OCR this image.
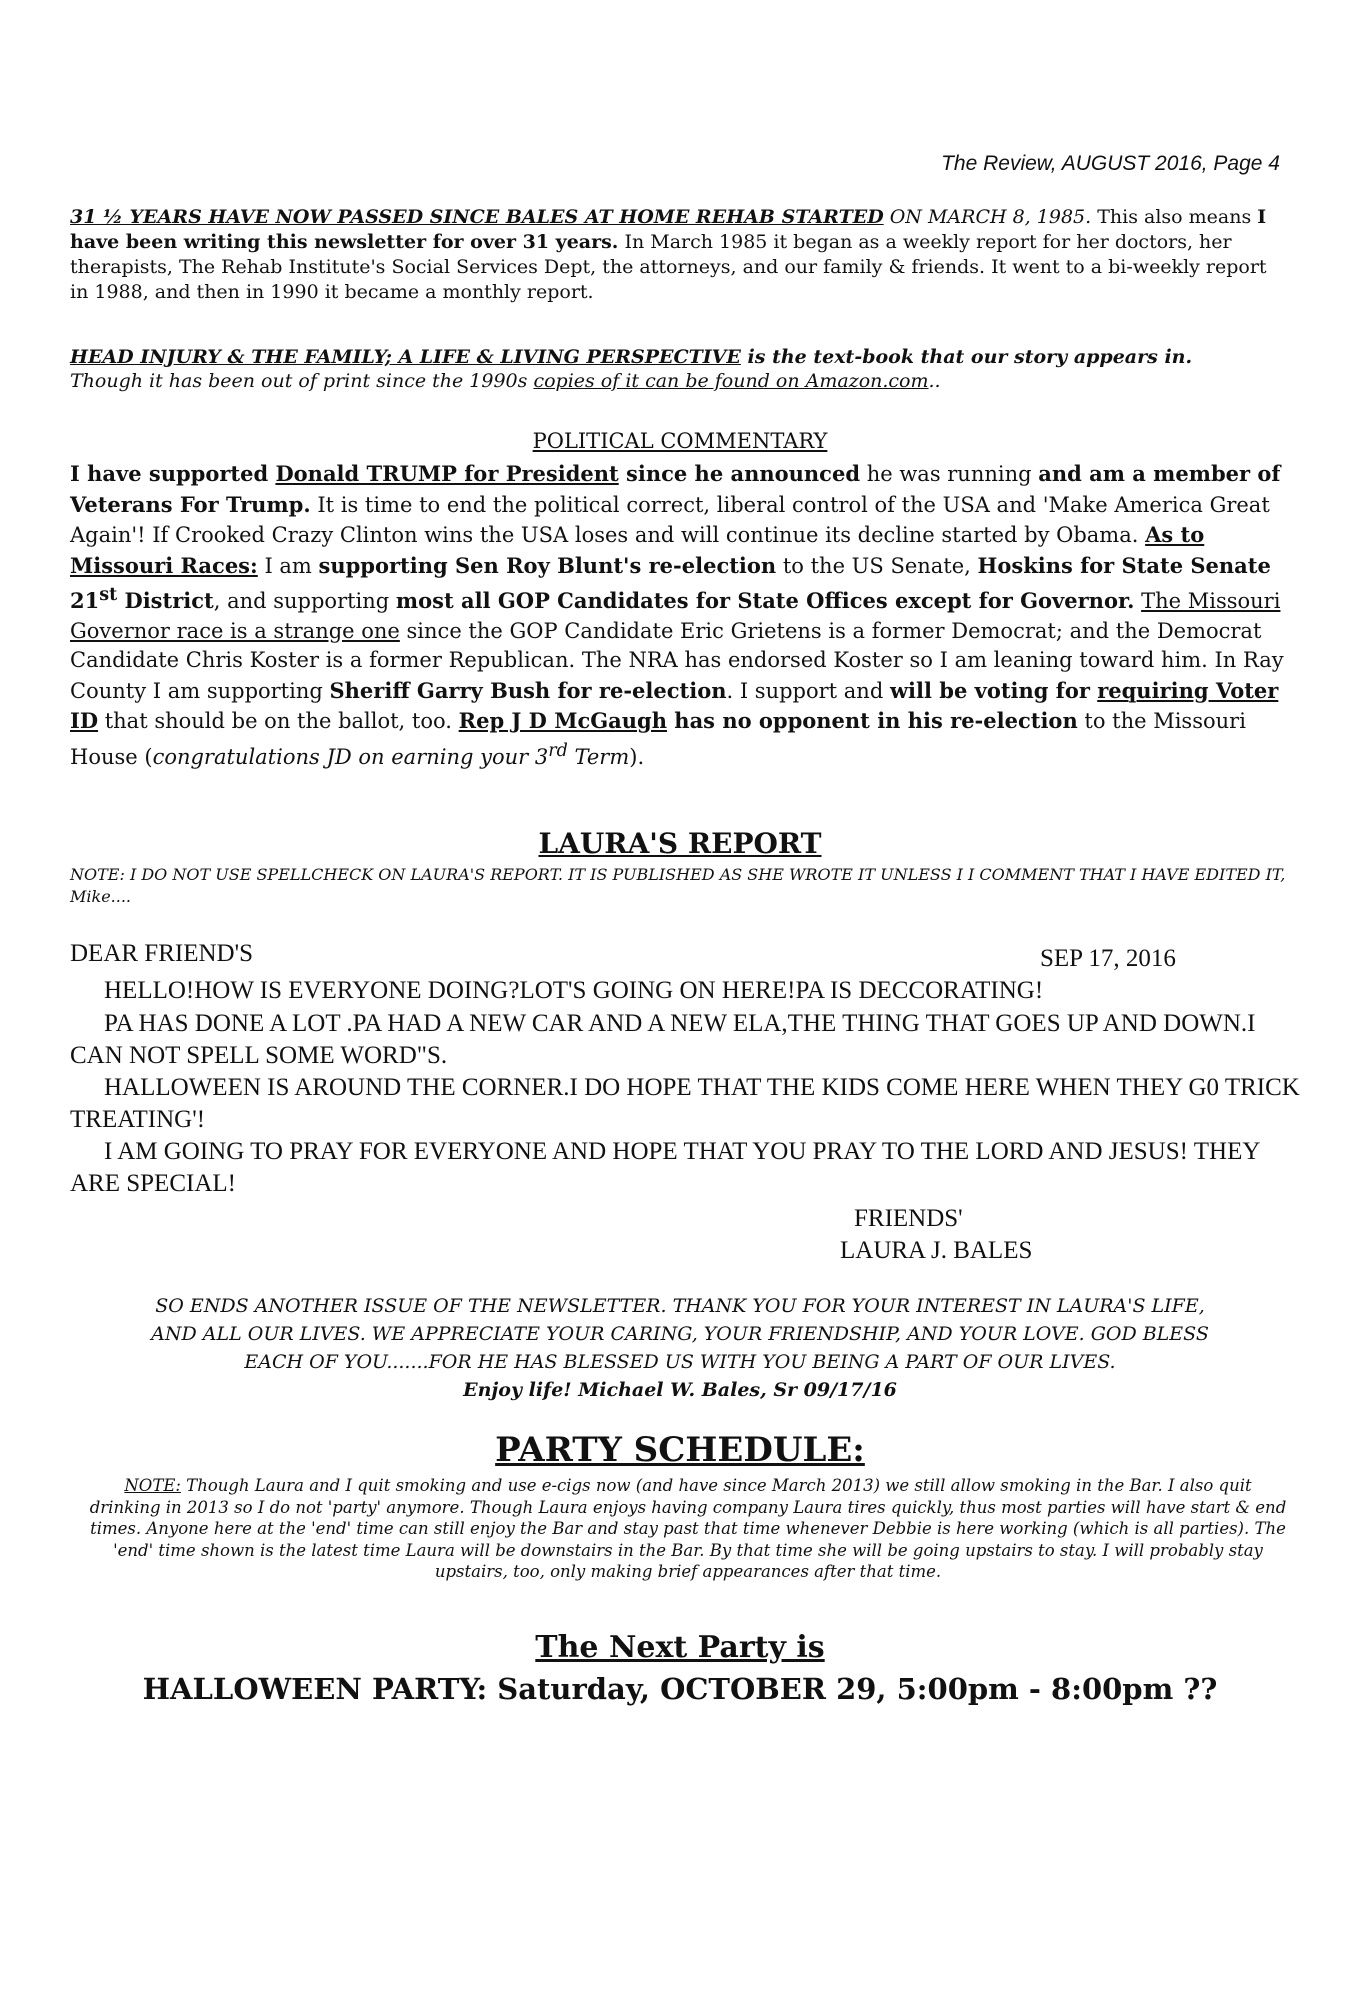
The Review, AUGUST 2016, Page 4

31 ½ YEARS HAVE NOW PASSED SINCE BALES AT HOME REHAB STARTED ON MARCH 8, 1985. This also means I have been writing this newsletter for over 31 years. In March 1985 it began as a weekly report for her doctors, her therapists, The Rehab Institute's Social Services Dept, the attorneys, and our family & friends. It went to a bi-weekly report in 1988, and then in 1990 it became a monthly report.

HEAD INJURY & THE FAMILY; A LIFE & LIVING PERSPECTIVE is the text-book that our story appears in.
Though it has been out of print since the 1990s copies of it can be found on Amazon.com..

POLITICAL COMMENTARY

I have supported Donald TRUMP for President since he announced he was running and am a member of Veterans For Trump. It is time to end the political correct, liberal control of the USA and 'Make America Great Again'! If Crooked Crazy Clinton wins the USA loses and will continue its decline started by Obama. As to Missouri Races: I am supporting Sen Roy Blunt's re-election to the US Senate, Hoskins for State Senate 21st District, and supporting most all GOP Candidates for State Offices except for Governor. The Missouri Governor race is a strange one since the GOP Candidate Eric Grietens is a former Democrat; and the Democrat Candidate Chris Koster is a former Republican. The NRA has endorsed Koster so I am leaning toward him. In Ray County I am supporting Sheriff Garry Bush for re-election. I support and will be voting for requiring Voter ID that should be on the ballot, too. Rep J D McGaugh has no opponent in his re-election to the Missouri House (congratulations JD on earning your 3rd Term).

LAURA'S REPORT
NOTE: I DO NOT USE SPELLCHECK ON LAURA'S REPORT. IT IS PUBLISHED AS SHE WROTE IT UNLESS I I COMMENT THAT I HAVE EDITED IT, Mike....
DEAR FRIEND'S	SEP 17, 2016

HELLO!HOW IS EVERYONE DOING?LOT'S GOING ON HERE!PA IS DECCORATING!

PA HAS DONE A LOT .PA HAD A NEW CAR AND A NEW ELA,THE THING THAT GOES UP AND DOWN.I CAN NOT SPELL SOME WORD"S.

HALLOWEEN IS AROUND THE CORNER.I DO HOPE THAT THE KIDS COME HERE WHEN THEY G0 TRICK TREATING'!

I AM GOING TO PRAY FOR EVERYONE AND HOPE THAT YOU PRAY TO THE LORD AND JESUS! THEY ARE SPECIAL!

FRIENDS'
LAURA J. BALES
SO ENDS ANOTHER ISSUE OF THE NEWSLETTER. THANK YOU FOR YOUR INTEREST IN LAURA'S LIFE,
AND ALL OUR LIVES. WE APPRECIATE YOUR CARING, YOUR FRIENDSHIP, AND YOUR LOVE. GOD BLESS
EACH OF YOU.......FOR HE HAS BLESSED US WITH YOU BEING A PART OF OUR LIVES.
Enjoy life! Michael W. Bales, Sr 09/17/16
PARTY SCHEDULE:

NOTE: Though Laura and I quit smoking and use e-cigs now (and have since March 2013) we still allow smoking in the Bar. I also quit drinking in 2013 so I do not 'party' anymore. Though Laura enjoys having company Laura tires quickly, thus most parties will have start & end times. Anyone here at the 'end' time can still enjoy the Bar and stay past that time whenever Debbie is here working (which is all parties). The 'end' time shown is the latest time Laura will be downstairs in the Bar. By that time she will be going upstairs to stay. I will probably stay upstairs, too, only making brief appearances after that time.

The Next Party is
HALLOWEEN PARTY: Saturday, OCTOBER 29, 5:00pm - 8:00pm ??
